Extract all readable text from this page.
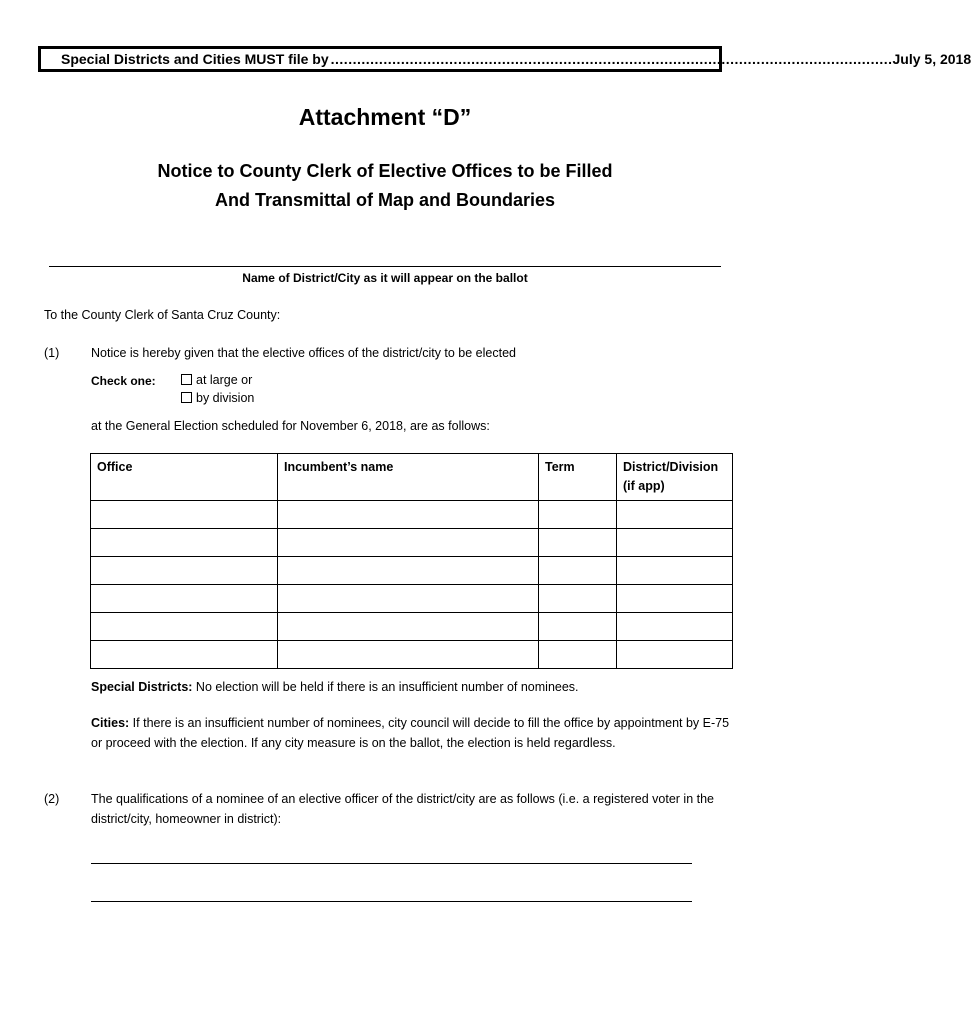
Special Districts and Cities MUST file by ................................................................................................................................ July 5, 2018
Attachment “D”
Notice to County Clerk of Elective Offices to be Filled
And Transmittal of Map and Boundaries
Name of District/City as it will appear on the ballot
To the County Clerk of Santa Cruz County:
(1)	Notice is hereby given that the elective offices of the district/city to be elected
Check one:	at large or
by division
at the General Election scheduled for November 6, 2018, are as follows:
Office	Incumbent’s name	Term	District/Division (if app)

Special Districts: No election will be held if there is an insufficient number of nominees.
Cities: If there is an insufficient number of nominees, city council will decide to fill the office by appointment by E-75 or proceed with the election. If any city measure is on the ballot, the election is held regardless.
(2)	The qualifications of a nominee of an elective officer of the district/city are as follows (i.e. a registered voter in the district/city, homeowner in district):
